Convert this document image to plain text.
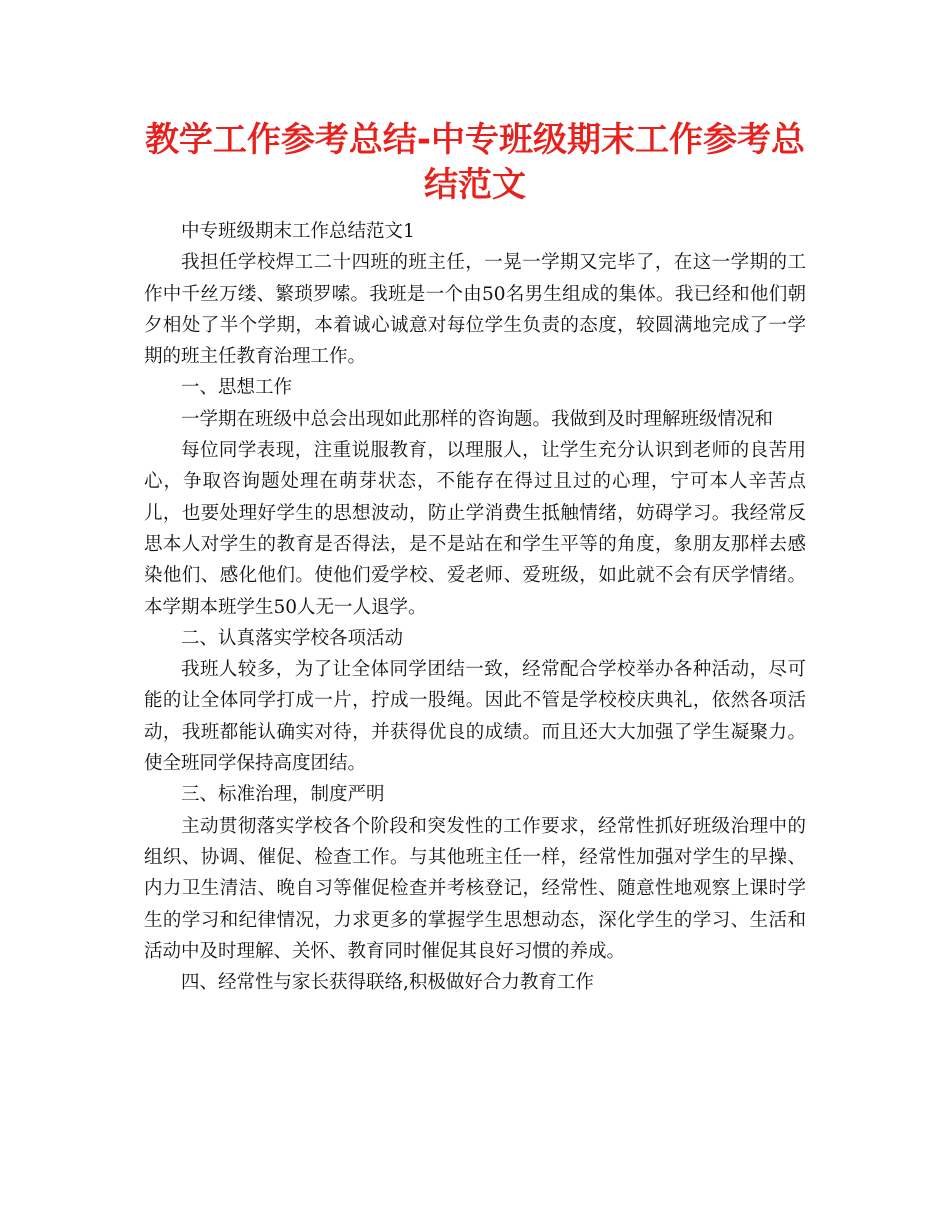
教学工作参考总结-中专班级期末工作参考总结范文

中专班级期末工作总结范文1

我担任学校焊工二十四班的班主任，一晃一学期又完毕了，在这一学期的工作中千丝万缕、繁琐罗嗦。我班是一个由50名男生组成的集体。我已经和他们朝夕相处了半个学期，本着诚心诚意对每位学生负责的态度，较圆满地完成了一学期的班主任教育治理工作。

一、思想工作

一学期在班级中总会出现如此那样的咨询题。我做到及时理解班级情况和

每位同学表现，注重说服教育，以理服人，让学生充分认识到老师的良苦用心，争取咨询题处理在萌芽状态，不能存在得过且过的心理，宁可本人辛苦点儿，也要处理好学生的思想波动，防止学消费生抵触情绪，妨碍学习。我经常反思本人对学生的教育是否得法，是不是站在和学生平等的角度，象朋友那样去感染他们、感化他们。使他们爱学校、爱老师、爱班级，如此就不会有厌学情绪。本学期本班学生50人无一人退学。

二、认真落实学校各项活动

我班人较多，为了让全体同学团结一致，经常配合学校举办各种活动，尽可能的让全体同学打成一片，拧成一股绳。因此不管是学校校庆典礼，依然各项活动，我班都能认确实对待，并获得优良的成绩。而且还大大加强了学生凝聚力。使全班同学保持高度团结。

三、标准治理，制度严明

主动贯彻落实学校各个阶段和突发性的工作要求，经常性抓好班级治理中的组织、协调、催促、检查工作。与其他班主任一样，经常性加强对学生的早操、内力卫生清洁、晚自习等催促检查并考核登记，经常性、随意性地观察上课时学生的学习和纪律情况，力求更多的掌握学生思想动态，深化学生的学习、生活和活动中及时理解、关怀、教育同时催促其良好习惯的养成。

四、经常性与家长获得联络,积极做好合力教育工作
